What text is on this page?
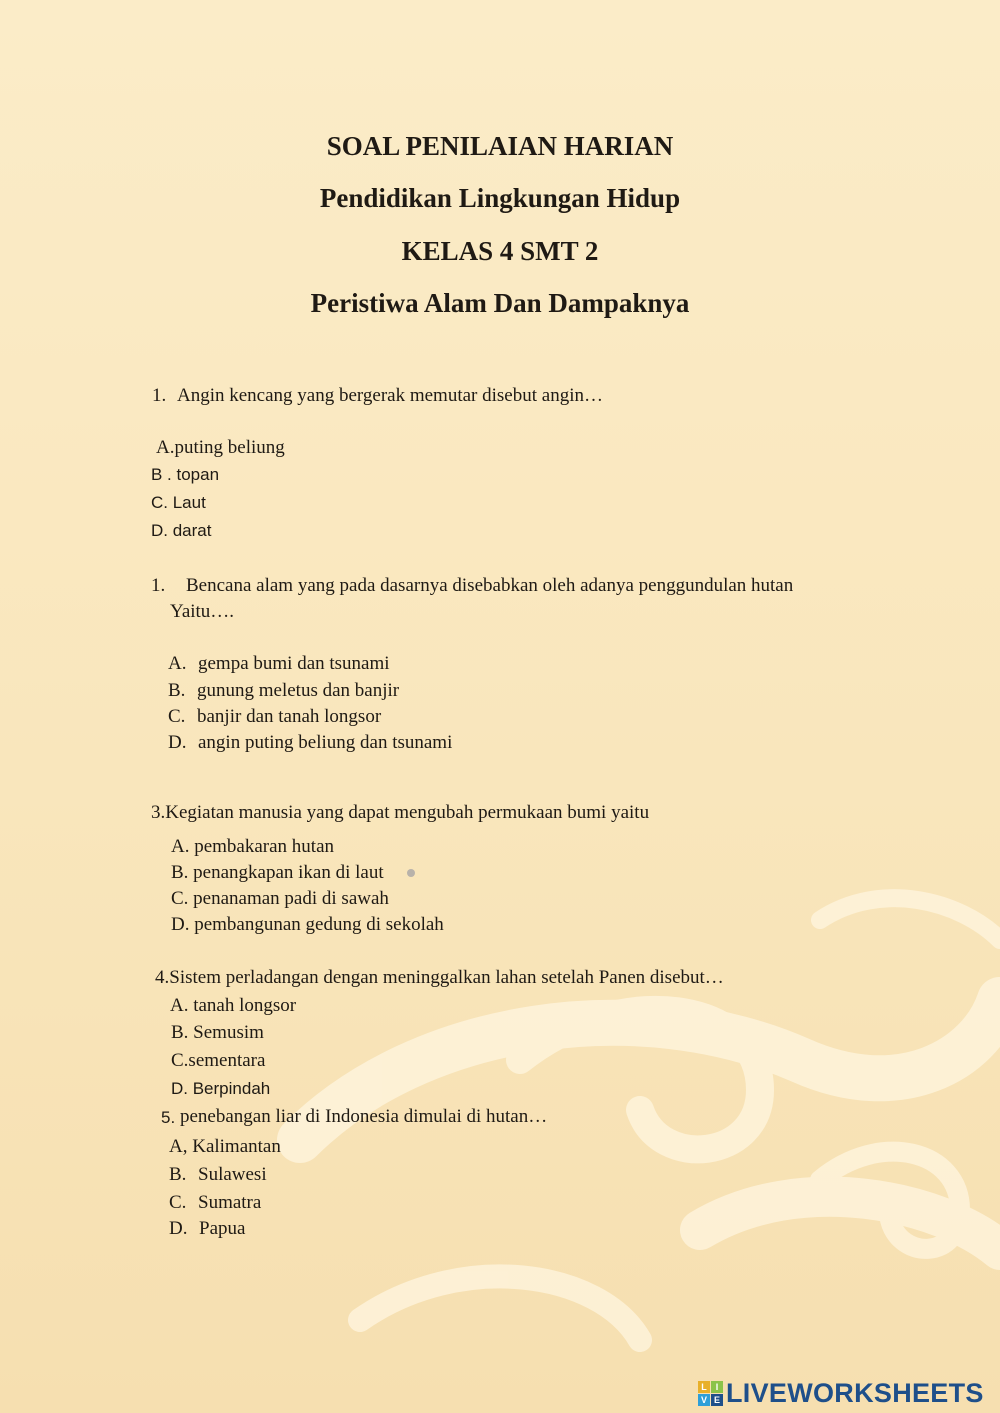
SOAL PENILAIAN HARIAN
Pendidikan Lingkungan Hidup
KELAS 4 SMT 2
Peristiwa Alam Dan Dampaknya
1. Angin kencang yang bergerak memutar disebut angin…
A.puting beliung
B . topan
C. Laut
D. darat
1. Bencana alam yang pada dasarnya disebabkan oleh adanya penggundulan hutan
Yaitu….
A. gempa bumi dan tsunami
B. gunung meletus dan banjir
C. banjir dan tanah longsor
D. angin puting beliung dan tsunami
3.Kegiatan manusia yang dapat mengubah permukaan bumi yaitu
A. pembakaran hutan
B. penangkapan ikan di laut
C. penanaman padi di sawah
D. pembangunan gedung di sekolah
4.Sistem perladangan dengan meninggalkan lahan setelah Panen disebut…
A. tanah longsor
B. Semusim
C.sementara
D. Berpindah
5. penebangan liar di Indonesia dimulai di hutan…
A, Kalimantan
B. Sulawesi
C. Sumatra
D. Papua
L I
V E LIVEWORKSHEETS
